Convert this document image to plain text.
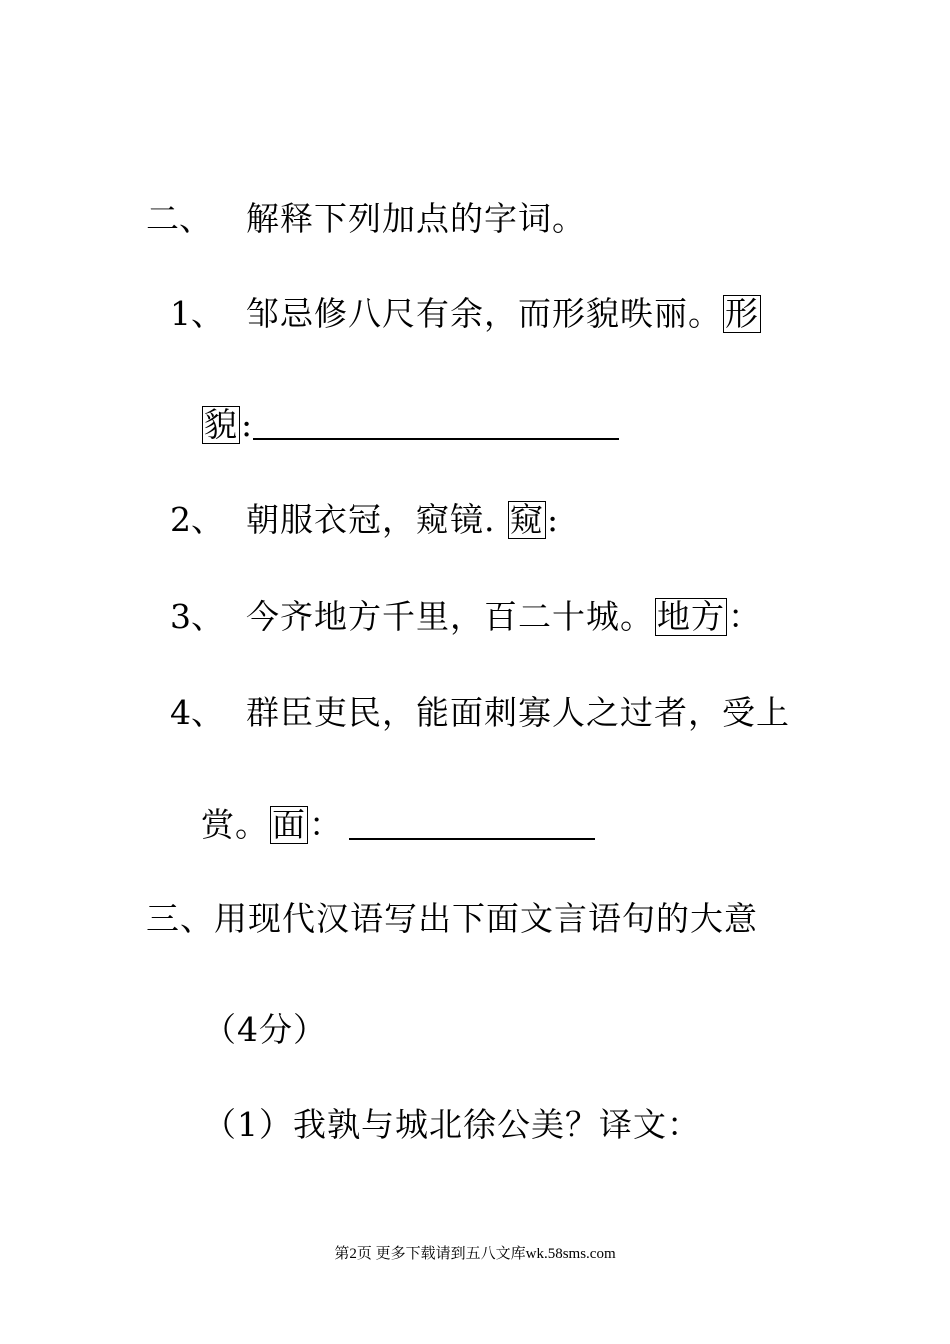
二、 解释下列加点的字词。
1、 邹忌修八尺有余，而形貌昳丽。形
貌:
2、 朝服衣冠，窥镜. 窥:
3、 今齐地方千里，百二十城。地方：
4、 群臣吏民，能面刺寡人之过者，受上
赏。面：
三、用现代汉语写出下面文言语句的大意
（4分）
（1）我孰与城北徐公美？译文：
第2页 更多下载请到五八文库wk.58sms.com
